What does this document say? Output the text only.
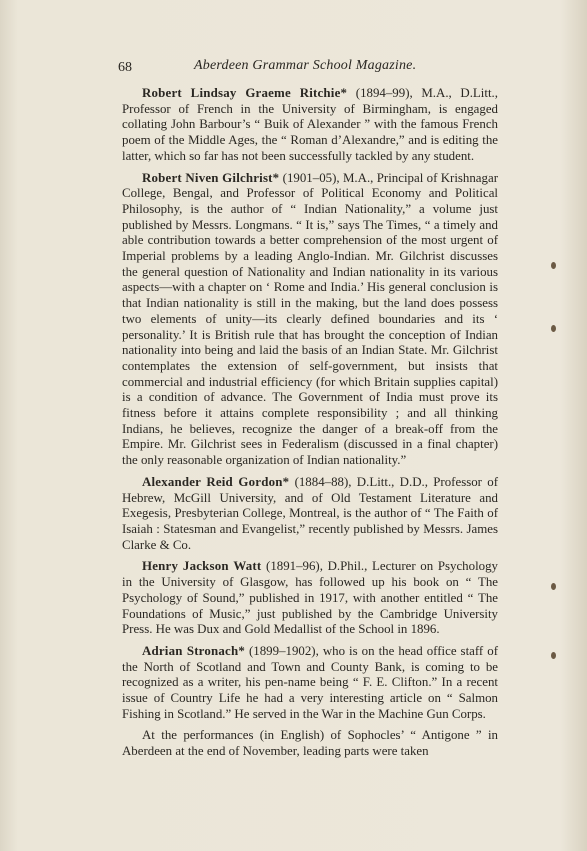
68	Aberdeen Grammar School Magazine.

Robert Lindsay Graeme Ritchie* (1894–99), M.A., D.Litt., Professor of French in the University of Birmingham, is engaged collating John Barbour’s “ Buik of Alexander ” with the famous French poem of the Middle Ages, the “ Roman d’Alexandre,” and is editing the latter, which so far has not been successfully tackled by any student.

Robert Niven Gilchrist* (1901–05), M.A., Principal of Krishnagar College, Bengal, and Professor of Political Economy and Political Philosophy, is the author of “ Indian Nationality,” a volume just published by Messrs. Longmans. “ It is,” says The Times, “ a timely and able contribution towards a better comprehension of the most urgent of Imperial problems by a leading Anglo-Indian. Mr. Gilchrist discusses the general question of Nationality and Indian nationality in its various aspects—with a chapter on ‘ Rome and India.’ His general conclusion is that Indian nationality is still in the making, but the land does possess two elements of unity—its clearly defined boundaries and its ‘ personality.’ It is British rule that has brought the conception of Indian nationality into being and laid the basis of an Indian State. Mr. Gilchrist contemplates the extension of self-government, but insists that commercial and industrial efficiency (for which Britain supplies capital) is a condition of advance. The Government of India must prove its fitness before it attains complete responsibility ; and all thinking Indians, he believes, recognize the danger of a break-off from the Empire. Mr. Gilchrist sees in Federalism (discussed in a final chapter) the only reasonable organization of Indian nationality.”

Alexander Reid Gordon* (1884–88), D.Litt., D.D., Professor of Hebrew, McGill University, and of Old Testament Literature and Exegesis, Presbyterian College, Montreal, is the author of “ The Faith of Isaiah : Statesman and Evangelist,” recently published by Messrs. James Clarke & Co.

Henry Jackson Watt (1891–96), D.Phil., Lecturer on Psychology in the University of Glasgow, has followed up his book on “ The Psychology of Sound,” published in 1917, with another entitled “ The Foundations of Music,” just published by the Cambridge University Press. He was Dux and Gold Medallist of the School in 1896.

Adrian Stronach* (1899–1902), who is on the head office staff of the North of Scotland and Town and County Bank, is coming to be recognized as a writer, his pen-name being “ F. E. Clifton.” In a recent issue of Country Life he had a very interesting article on “ Salmon Fishing in Scotland.” He served in the War in the Machine Gun Corps.

At the performances (in English) of Sophocles’ “ Antigone ” in Aberdeen at the end of November, leading parts were taken
